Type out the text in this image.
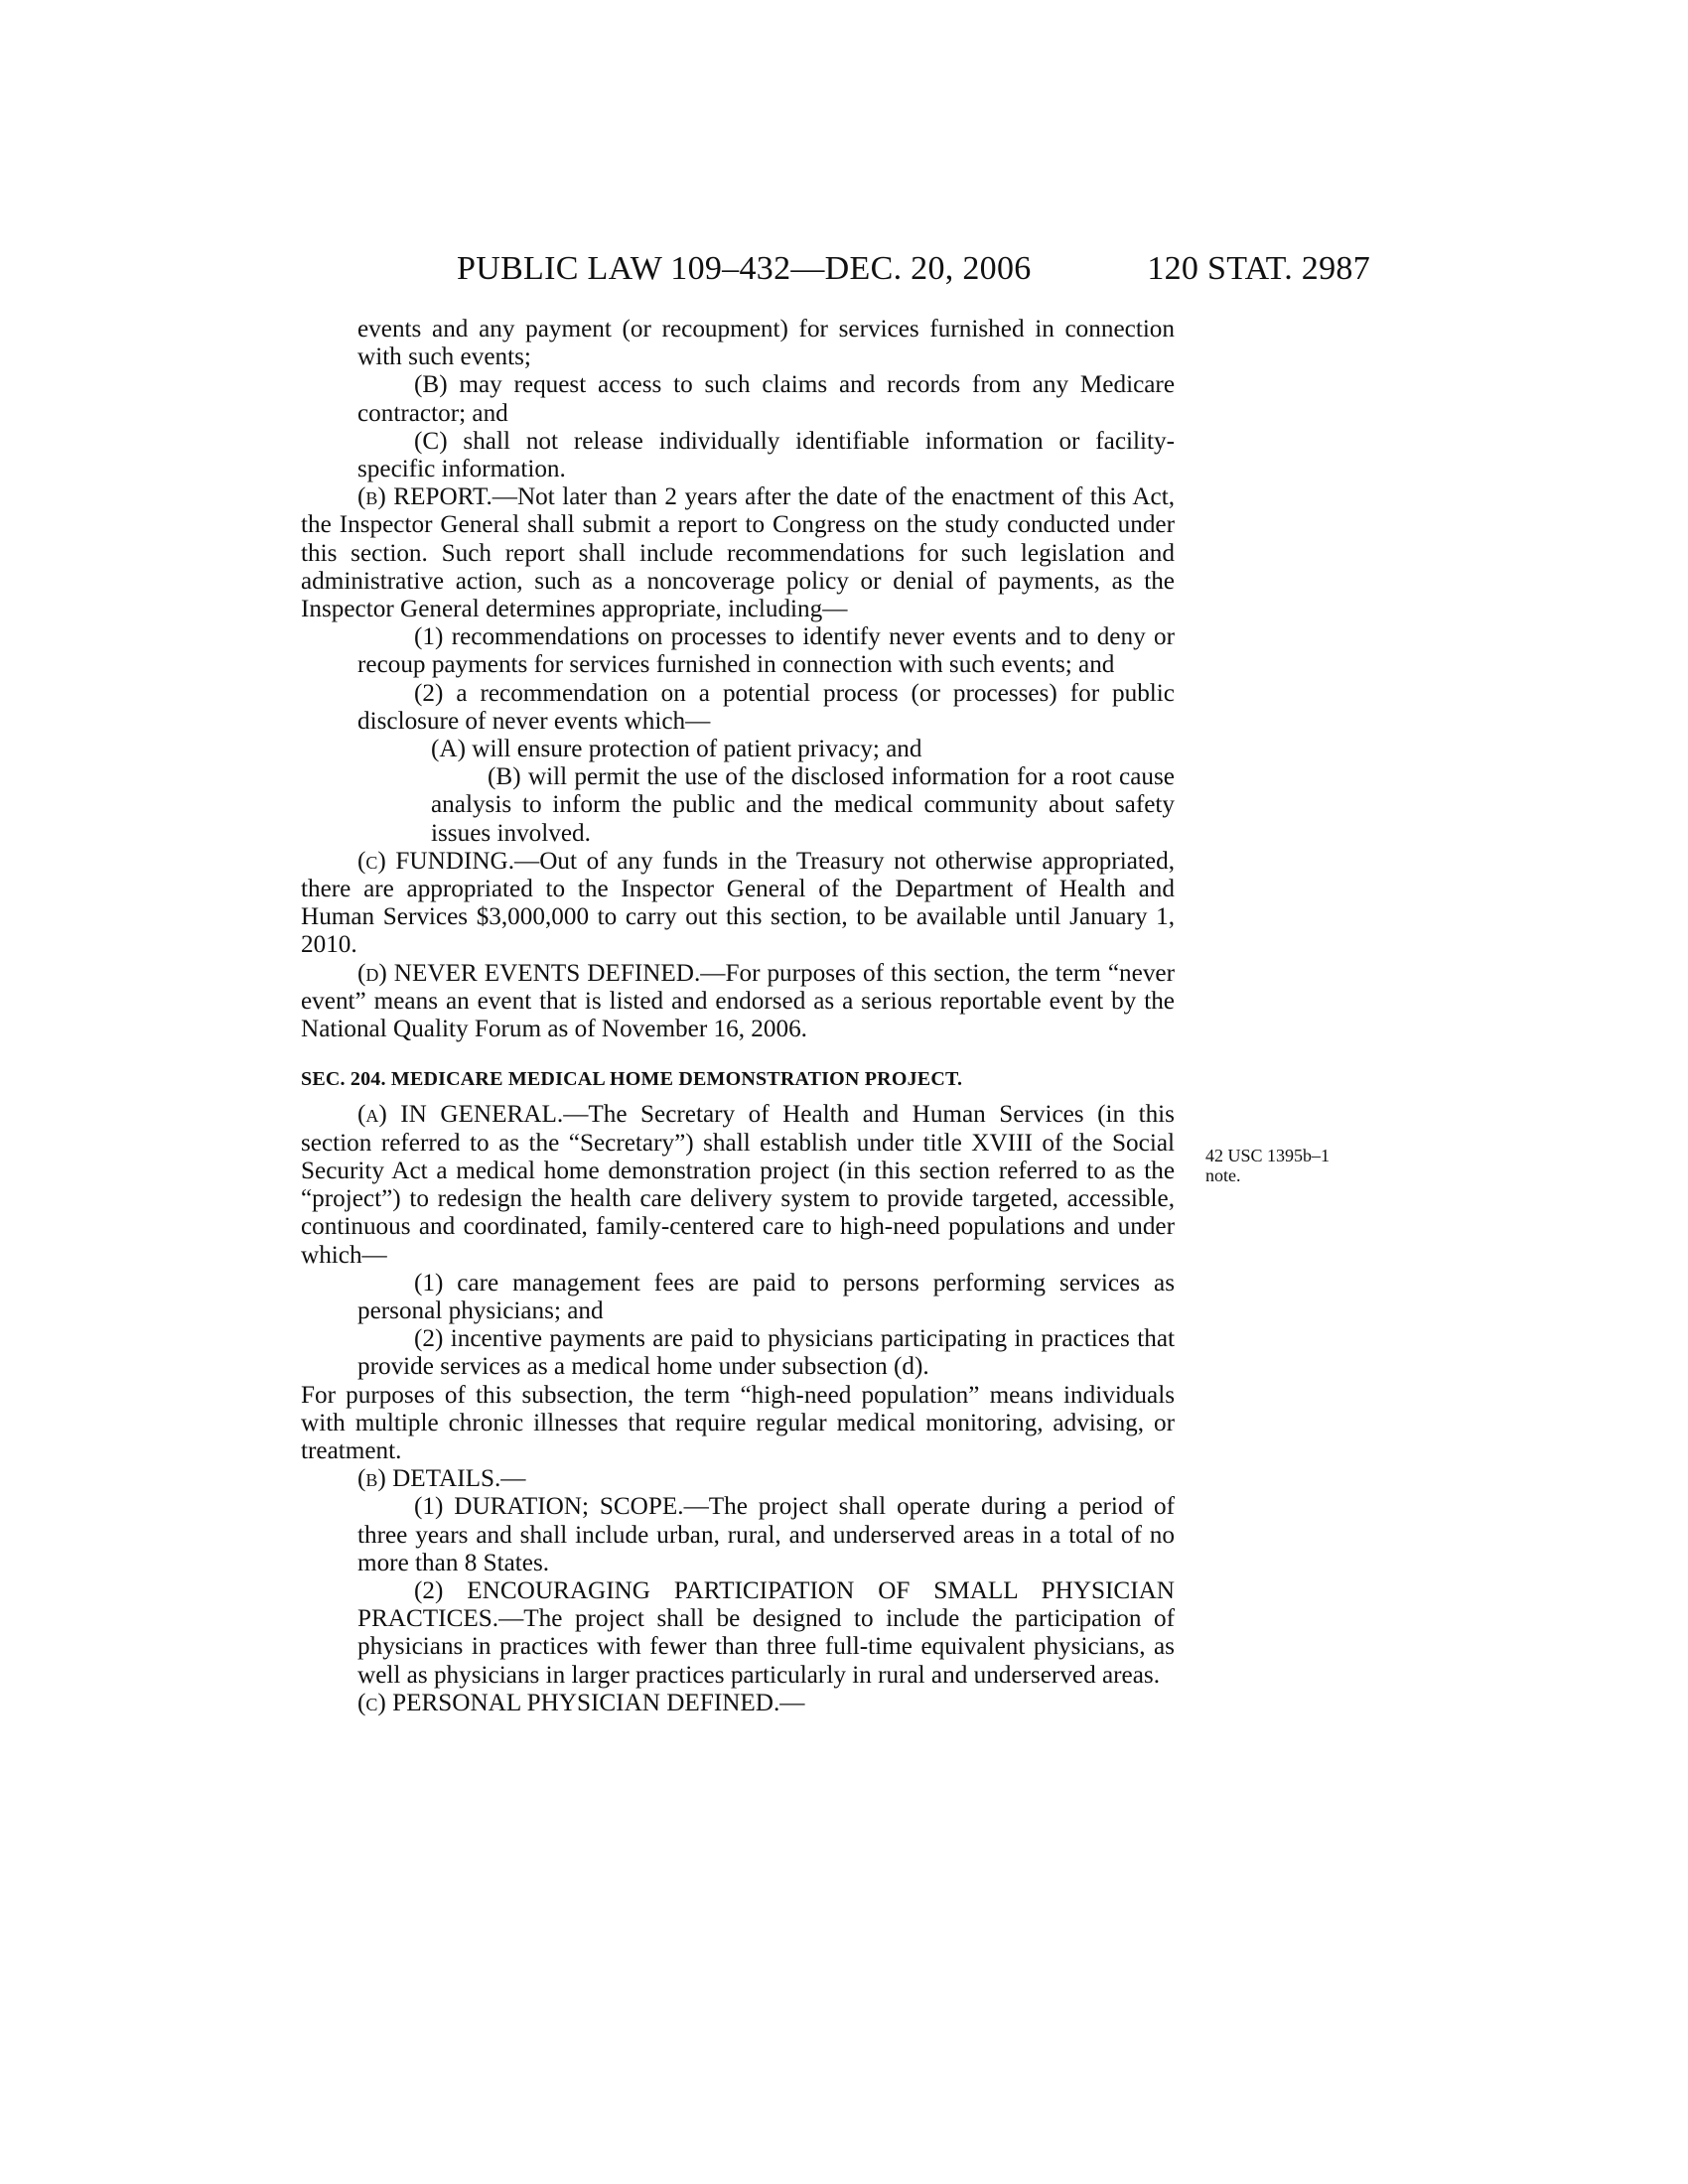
PUBLIC LAW 109–432—DEC. 20, 2006	120 STAT. 2987
42 USC 1395b–1
note.

events and any payment (or recoupment) for services furnished in connection with such events;

(B) may request access to such claims and records from any Medicare contractor; and

(C) shall not release individually identifiable information or facility-specific information.

(b) REPORT.—Not later than 2 years after the date of the enactment of this Act, the Inspector General shall submit a report to Congress on the study conducted under this section. Such report shall include recommendations for such legislation and administrative action, such as a noncoverage policy or denial of payments, as the Inspector General determines appropriate, including—

(1) recommendations on processes to identify never events and to deny or recoup payments for services furnished in connection with such events; and

(2) a recommendation on a potential process (or processes) for public disclosure of never events which—

(A) will ensure protection of patient privacy; and

(B) will permit the use of the disclosed information for a root cause analysis to inform the public and the medical community about safety issues involved.

(c) FUNDING.—Out of any funds in the Treasury not otherwise appropriated, there are appropriated to the Inspector General of the Department of Health and Human Services $3,000,000 to carry out this section, to be available until January 1, 2010.

(d) NEVER EVENTS DEFINED.—For purposes of this section, the term “never event” means an event that is listed and endorsed as a serious reportable event by the National Quality Forum as of November 16, 2006.

SEC. 204. MEDICARE MEDICAL HOME DEMONSTRATION PROJECT.

(a) IN GENERAL.—The Secretary of Health and Human Services (in this section referred to as the “Secretary”) shall establish under title XVIII of the Social Security Act a medical home demonstration project (in this section referred to as the “project”) to redesign the health care delivery system to provide targeted, accessible, continuous and coordinated, family-centered care to high-need populations and under which—

(1) care management fees are paid to persons performing services as personal physicians; and

(2) incentive payments are paid to physicians participating in practices that provide services as a medical home under subsection (d).

For purposes of this subsection, the term “high-need population” means individuals with multiple chronic illnesses that require regular medical monitoring, advising, or treatment.

(b) DETAILS.—

(1) DURATION; SCOPE.—The project shall operate during a period of three years and shall include urban, rural, and underserved areas in a total of no more than 8 States.

(2) ENCOURAGING PARTICIPATION OF SMALL PHYSICIAN PRACTICES.—The project shall be designed to include the participation of physicians in practices with fewer than three full-time equivalent physicians, as well as physicians in larger practices particularly in rural and underserved areas.

(c) PERSONAL PHYSICIAN DEFINED.—
